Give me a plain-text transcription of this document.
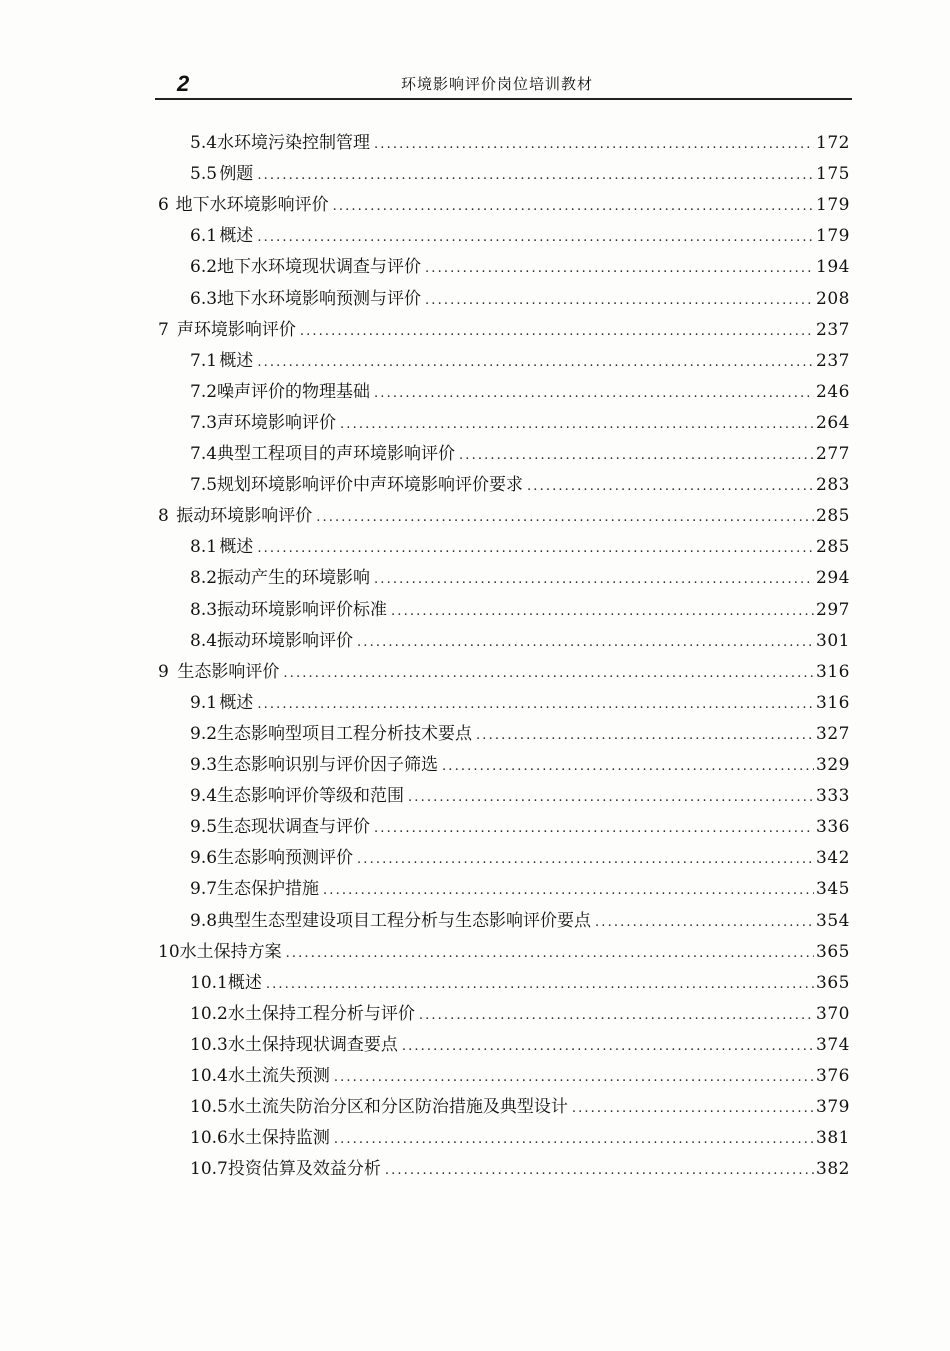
2	环境影响评价岗位培训教材
5.4 水环境污染控制管理 . . .	172
5.5 例题 . . .	175
6 地下水环境影响评价 . . .	179
6.1 概述 . . .	179
6.2 地下水环境现状调查与评价 . . .	194
6.3 地下水环境影响预测与评价 . . .	208
7 声环境影响评价 . . .	237
7.1 概述 . . .	237
7.2 噪声评价的物理基础 . . .	246
7.3 声环境影响评价 . . .	264
7.4 典型工程项目的声环境影响评价 . . .	277
7.5 规划环境影响评价中声环境影响评价要求 . . .	283
8 振动环境影响评价 . . .	285
8.1 概述 . . .	285
8.2 振动产生的环境影响 . . .	294
8.3 振动环境影响评价标准 . . .	297
8.4 振动环境影响评价 . . .	301
9 生态影响评价 . . .	316
9.1 概述 . . .	316
9.2 生态影响型项目工程分析技术要点 . . .	327
9.3 生态影响识别与评价因子筛选 . . .	329
9.4 生态影响评价等级和范围 . . .	333
9.5 生态现状调查与评价 . . .	336
9.6 生态影响预测评价 . . .	342
9.7 生态保护措施 . . .	345
9.8 典型生态型建设项目工程分析与生态影响评价要点 . . .	354
10 水土保持方案 . . .	365
10.1 概述 . . .	365
10.2 水土保持工程分析与评价 . . .	370
10.3 水土保持现状调查要点 . . .	374
10.4 水土流失预测 . . .	376
10.5 水土流失防治分区和分区防治措施及典型设计 . . .	379
10.6 水土保持监测 . . .	381
10.7 投资估算及效益分析 . . .	382
